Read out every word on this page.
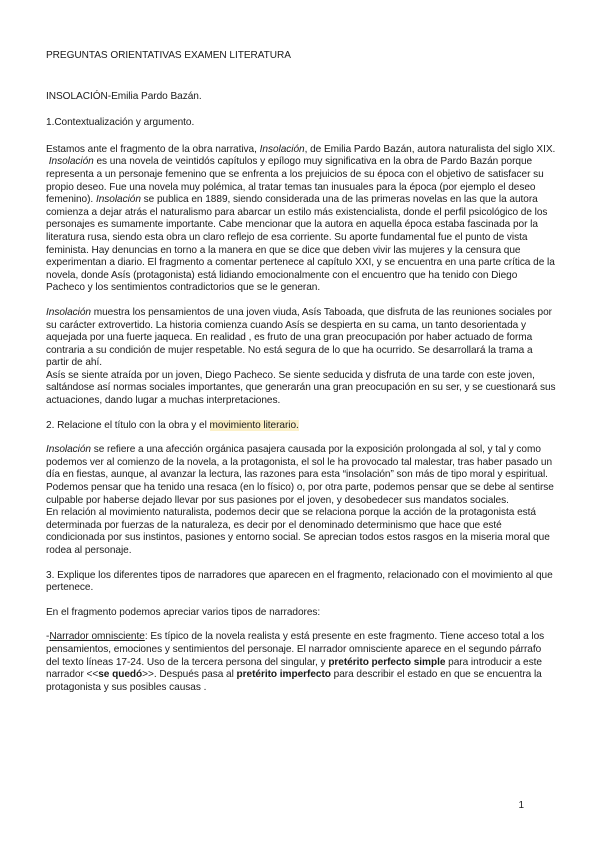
PREGUNTAS ORIENTATIVAS EXAMEN LITERATURA

INSOLACIÓN-Emilia Pardo Bazán.

1.Contextualización y argumento.

Estamos ante el fragmento de la obra narrativa, Insolación, de Emilia Pardo Bazán, autora naturalista del siglo XIX.

Insolación es una novela de veintidós capítulos y epílogo muy significativa en la obra de Pardo Bazán porque representa a un personaje femenino que se enfrenta a los prejuicios de su época con el objetivo de satisfacer su propio deseo. Fue una novela muy polémica, al tratar temas tan inusuales para la época (por ejemplo el deseo femenino). Insolación se publica en 1889, siendo considerada una de las primeras novelas en las que la autora comienza a dejar atrás el naturalismo para abarcar un estilo más existencialista, donde el perfil psicológico de los personajes es sumamente importante. Cabe mencionar que la autora en aquella época estaba fascinada por la literatura rusa, siendo esta obra un claro reflejo de esa corriente. Su aporte fundamental fue el punto de vista feminista. Hay denuncias en torno a la manera en que se dice que deben vivir las mujeres y la censura que experimentan a diario. El fragmento a comentar pertenece al capítulo XXI, y se encuentra en una parte crítica de la novela, donde Asís (protagonista) está lidiando emocionalmente con el encuentro que ha tenido con Diego Pacheco y los sentimientos contradictorios que se le generan.

Insolación muestra los pensamientos de una joven viuda, Asís Taboada, que disfruta de las reuniones sociales por su carácter extrovertido. La historia comienza cuando Asís se despierta en su cama, un tanto desorientada y aquejada por una fuerte jaqueca. En realidad , es fruto de una gran preocupación por haber actuado de forma contraria a su condición de mujer respetable. No está segura de lo que ha ocurrido. Se desarrollará la trama a partir de ahí.

Asís se siente atraída por un joven, Diego Pacheco. Se siente seducida y disfruta de una tarde con este joven, saltándose así normas sociales importantes, que generarán una gran preocupación en su ser, y se cuestionará sus actuaciones, dando lugar a muchas interpretaciones.

2. Relacione el título con la obra y el movimiento literario.

Insolación se refiere a una afección orgánica pasajera causada por la exposición prolongada al sol, y tal y como podemos ver al comienzo de la novela, a la protagonista, el sol le ha provocado tal malestar, tras haber pasado un día en fiestas, aunque, al avanzar la lectura, las razones para esta “insolación” son más de tipo moral y espiritual. Podemos pensar que ha tenido una resaca (en lo físico) o, por otra parte, podemos pensar que se debe al sentirse culpable por haberse dejado llevar por sus pasiones por el joven, y desobedecer sus mandatos sociales.

En relación al movimiento naturalista, podemos decir que se relaciona porque la acción de la protagonista está determinada por fuerzas de la naturaleza, es decir por el denominado determinismo que hace que esté condicionada por sus instintos, pasiones y entorno social. Se aprecian todos estos rasgos en la miseria moral que rodea al personaje.

3. Explique los diferentes tipos de narradores que aparecen en el fragmento, relacionado con el movimiento al que pertenece.

En el fragmento podemos apreciar varios tipos de narradores:

-Narrador omnisciente: Es típico de la novela realista y está presente en este fragmento. Tiene acceso total a los pensamientos, emociones y sentimientos del personaje. El narrador omnisciente aparece en el segundo párrafo del texto líneas 17-24. Uso de la tercera persona del singular, y pretérito perfecto simple para introducir a este narrador <<se quedó>>. Después pasa al pretérito imperfecto para describir el estado en que se encuentra la protagonista y sus posibles causas .

1
